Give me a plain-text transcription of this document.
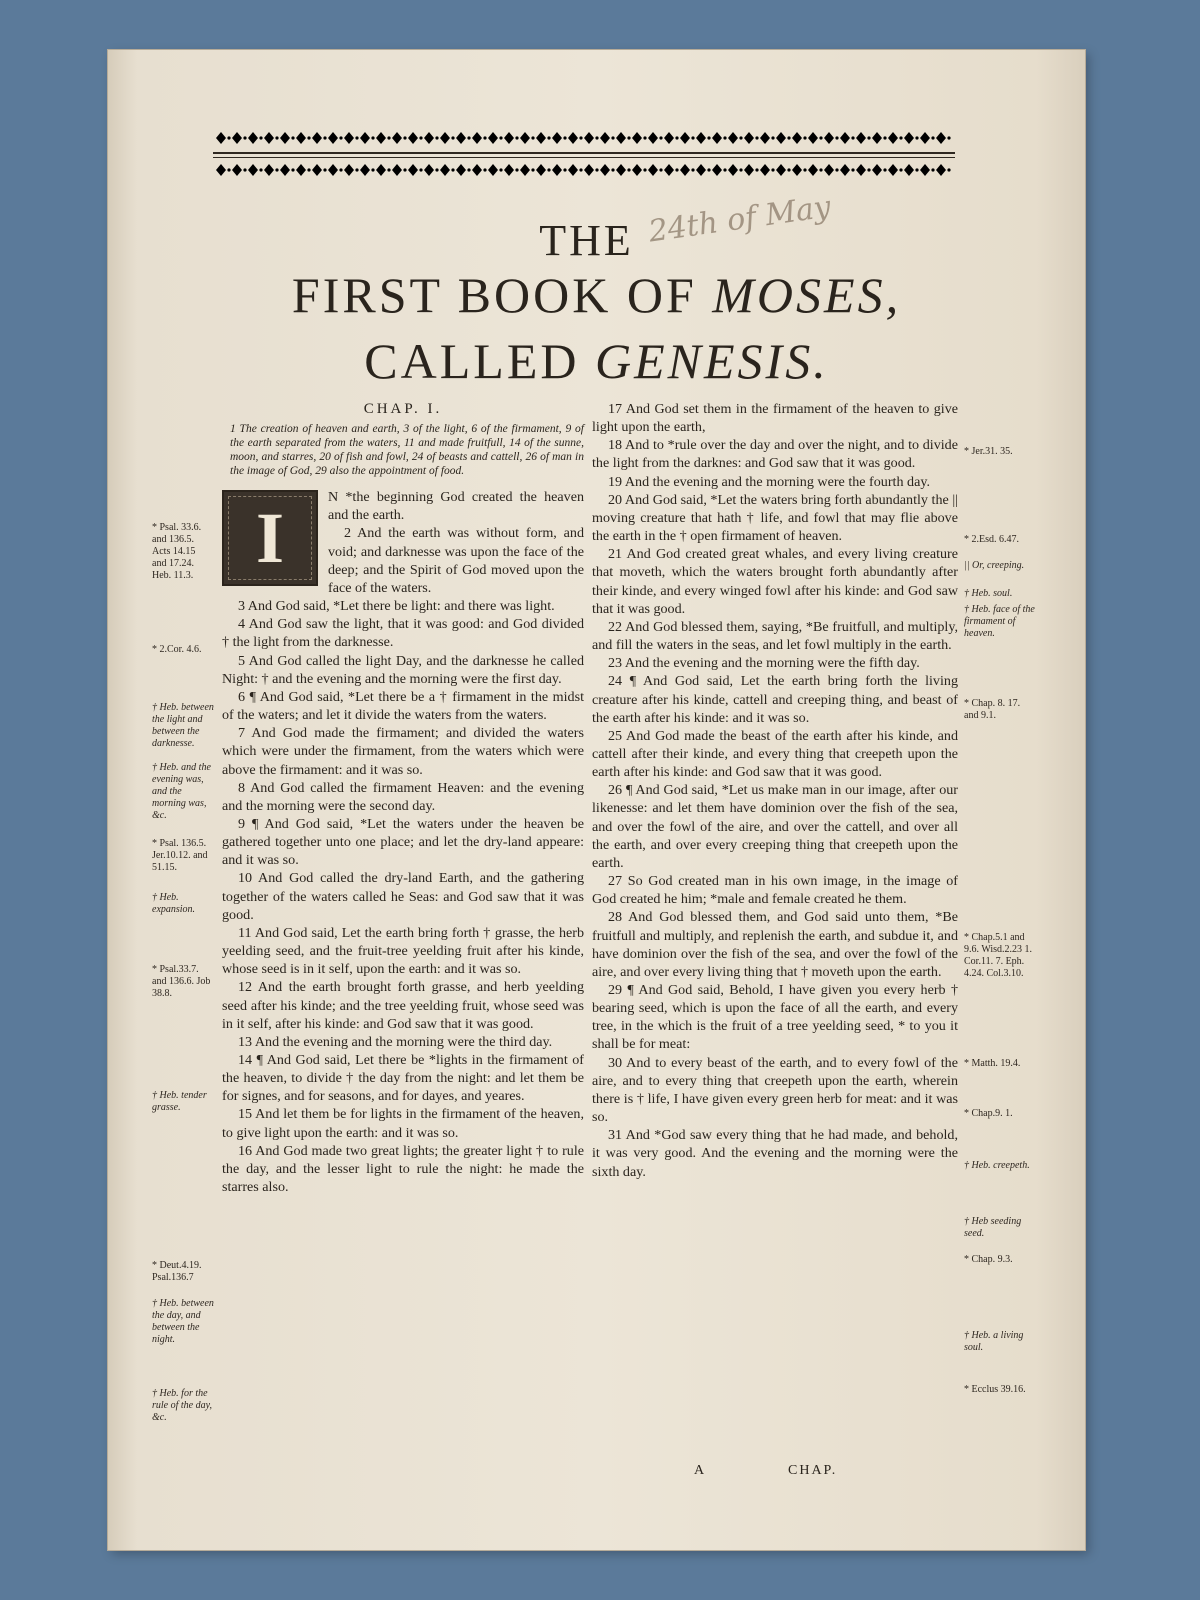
24th of May
THE
FIRST BOOK OF MOSES,
CALLED GENESIS.

CHAP. I.

1 The creation of heaven and earth, 3 of the light, 6 of the firmament, 9 of the earth separated from the waters, 11 and made fruitfull, 14 of the sunne, moon, and starres, 20 of fish and fowl, 24 of beasts and cattell, 26 of man in the image of God, 29 also the appointment of food.

I

N *the beginning God created the heaven and the earth.

2 And the earth was without form, and void; and darknesse was upon the face of the deep; and the Spirit of God moved upon the face of the waters.

3 And God said, *Let there be light: and there was light.

4 And God saw the light, that it was good: and God divided † the light from the darknesse.

5 And God called the light Day, and the darknesse he called Night: † and the evening and the morning were the first day.

6 ¶ And God said, *Let there be a † firmament in the midst of the waters; and let it divide the waters from the waters.

7 And God made the firmament; and divided the waters which were under the firmament, from the waters which were above the firmament: and it was so.

8 And God called the firmament Heaven: and the evening and the morning were the second day.

9 ¶ And God said, *Let the waters under the heaven be gathered together unto one place; and let the dry-land appeare: and it was so.

10 And God called the dry-land Earth, and the gathering together of the waters called he Seas: and God saw that it was good.

11 And God said, Let the earth bring forth † grasse, the herb yeelding seed, and the fruit-tree yeelding fruit after his kinde, whose seed is in it self, upon the earth: and it was so.

12 And the earth brought forth grasse, and herb yeelding seed after his kinde; and the tree yeelding fruit, whose seed was in it self, after his kinde: and God saw that it was good.

13 And the evening and the morning were the third day.

14 ¶ And God said, Let there be *lights in the firmament of the heaven, to divide † the day from the night: and let them be for signes, and for seasons, and for dayes, and yeares.

15 And let them be for lights in the firmament of the heaven, to give light upon the earth: and it was so.

16 And God made two great lights; the greater light † to rule the day, and the lesser light to rule the night: he made the starres also.

17 And God set them in the firmament of the heaven to give light upon the earth,

18 And to *rule over the day and over the night, and to divide the light from the darknes: and God saw that it was good.

19 And the evening and the morning were the fourth day.

20 And God said, *Let the waters bring forth abundantly the || moving creature that hath † life, and fowl that may flie above the earth in the † open firmament of heaven.

21 And God created great whales, and every living creature that moveth, which the waters brought forth abundantly after their kinde, and every winged fowl after his kinde: and God saw that it was good.

22 And God blessed them, saying, *Be fruitfull, and multiply, and fill the waters in the seas, and let fowl multiply in the earth.

23 And the evening and the morning were the fifth day.

24 ¶ And God said, Let the earth bring forth the living creature after his kinde, cattell and creeping thing, and beast of the earth after his kinde: and it was so.

25 And God made the beast of the earth after his kinde, and cattell after their kinde, and every thing that creepeth upon the earth after his kinde: and God saw that it was good.

26 ¶ And God said, *Let us make man in our image, after our likenesse: and let them have dominion over the fish of the sea, and over the fowl of the aire, and over the cattell, and over all the earth, and over every creeping thing that creepeth upon the earth.

27 So God created man in his own image, in the image of God created he him; *male and female created he them.

28 And God blessed them, and God said unto them, *Be fruitfull and multiply, and replenish the earth, and subdue it, and have dominion over the fish of the sea, and over the fowl of the aire, and over every living thing that † moveth upon the earth.

29 ¶ And God said, Behold, I have given you every herb † bearing seed, which is upon the face of all the earth, and every tree, in the which is the fruit of a tree yeelding seed, * to you it shall be for meat:

30 And to every beast of the earth, and to every fowl of the aire, and to every thing that creepeth upon the earth, wherein there is † life, I have given every green herb for meat: and it was so.

31 And *God saw every thing that he had made, and behold, it was very good. And the evening and the morning were the sixth day.

* Psal. 33.6. and 136.5. Acts 14.15 and 17.24. Heb. 11.3.
* 2.Cor. 4.6.
† Heb. between the light and between the darknesse.
† Heb. and the evening was, and the morning was, &c.
* Psal. 136.5. Jer.10.12. and 51.15.
† Heb. expansion.
* Psal.33.7. and 136.6. Job 38.8.
† Heb. tender grasse.
* Deut.4.19. Psal.136.7
† Heb. between the day, and between the night.
† Heb. for the rule of the day, &c.
* Jer.31. 35.
* 2.Esd. 6.47.
|| Or, creeping.
† Heb. soul.
† Heb. face of the firmament of heaven.
* Chap. 8. 17. and 9.1.
* Chap.5.1 and 9.6. Wisd.2.23 1. Cor.11. 7. Eph. 4.24. Col.3.10.
* Matth. 19.4.
* Chap.9. 1.
† Heb. creepeth.
† Heb seeding seed.
* Chap. 9.3.
† Heb. a living soul.
* Ecclus 39.16.
A	CHAP.
